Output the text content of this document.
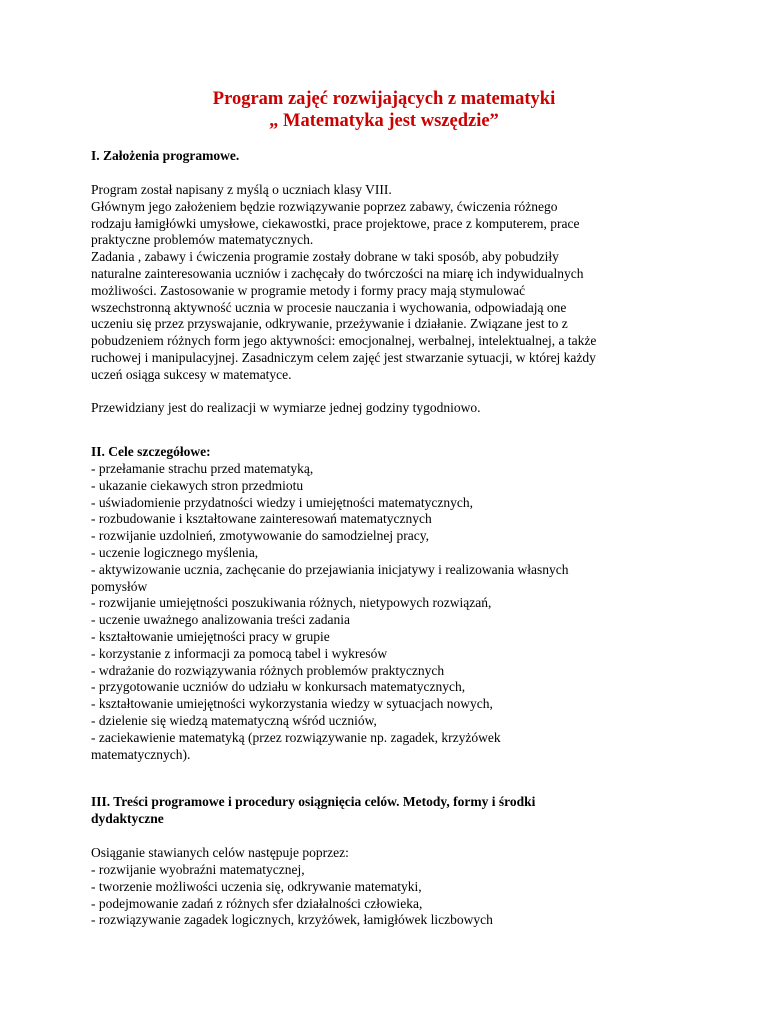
Program zajęć rozwijających z matematyki
„ Matematyka jest wszędzie”
I. Założenia programowe.
Program został napisany z myślą o uczniach klasy VIII.
Głównym jego założeniem będzie rozwiązywanie poprzez zabawy, ćwiczenia różnego
rodzaju łamigłówki umysłowe, ciekawostki, prace projektowe, prace z komputerem, prace
praktyczne problemów matematycznych.
Zadania , zabawy i ćwiczenia programie zostały dobrane w taki sposób, aby pobudziły
naturalne zainteresowania uczniów i zachęcały do twórczości na miarę ich indywidualnych
możliwości. Zastosowanie w programie metody i formy pracy mają stymulować
wszechstronną aktywność ucznia w procesie nauczania i wychowania, odpowiadają one
uczeniu się przez przyswajanie, odkrywanie, przeżywanie i działanie. Związane jest to z
pobudzeniem różnych form jego aktywności: emocjonalnej, werbalnej, intelektualnej, a także
ruchowej i manipulacyjnej. Zasadniczym celem zajęć jest stwarzanie sytuacji, w której każdy
uczeń osiąga sukcesy w matematyce.
Przewidziany jest do realizacji w wymiarze jednej godziny tygodniowo.
II. Cele szczegółowe:
- przełamanie strachu przed matematyką,
- ukazanie ciekawych stron przedmiotu
- uświadomienie przydatności wiedzy i umiejętności matematycznych,
- rozbudowanie i kształtowane zainteresowań matematycznych
- rozwijanie uzdolnień, zmotywowanie do samodzielnej pracy,
- uczenie logicznego myślenia,
- aktywizowanie ucznia, zachęcanie do przejawiania inicjatywy i realizowania własnych
pomysłów
- rozwijanie umiejętności poszukiwania różnych, nietypowych rozwiązań,
- uczenie uważnego analizowania treści zadania
- kształtowanie umiejętności pracy w grupie
- korzystanie z informacji za pomocą tabel i wykresów
- wdrażanie do rozwiązywania różnych problemów praktycznych
- przygotowanie uczniów do udziału w konkursach matematycznych,
- kształtowanie umiejętności wykorzystania wiedzy w sytuacjach nowych,
- dzielenie się wiedzą matematyczną wśród uczniów,
- zaciekawienie matematyką (przez rozwiązywanie np. zagadek, krzyżówek
matematycznych).
III. Treści programowe i procedury osiągnięcia celów. Metody, formy i środki
dydaktyczne
Osiąganie stawianych celów następuje poprzez:
- rozwijanie wyobraźni matematycznej,
- tworzenie możliwości uczenia się, odkrywanie matematyki,
- podejmowanie zadań z różnych sfer działalności człowieka,
- rozwiązywanie zagadek logicznych, krzyżówek, łamigłówek liczbowych
